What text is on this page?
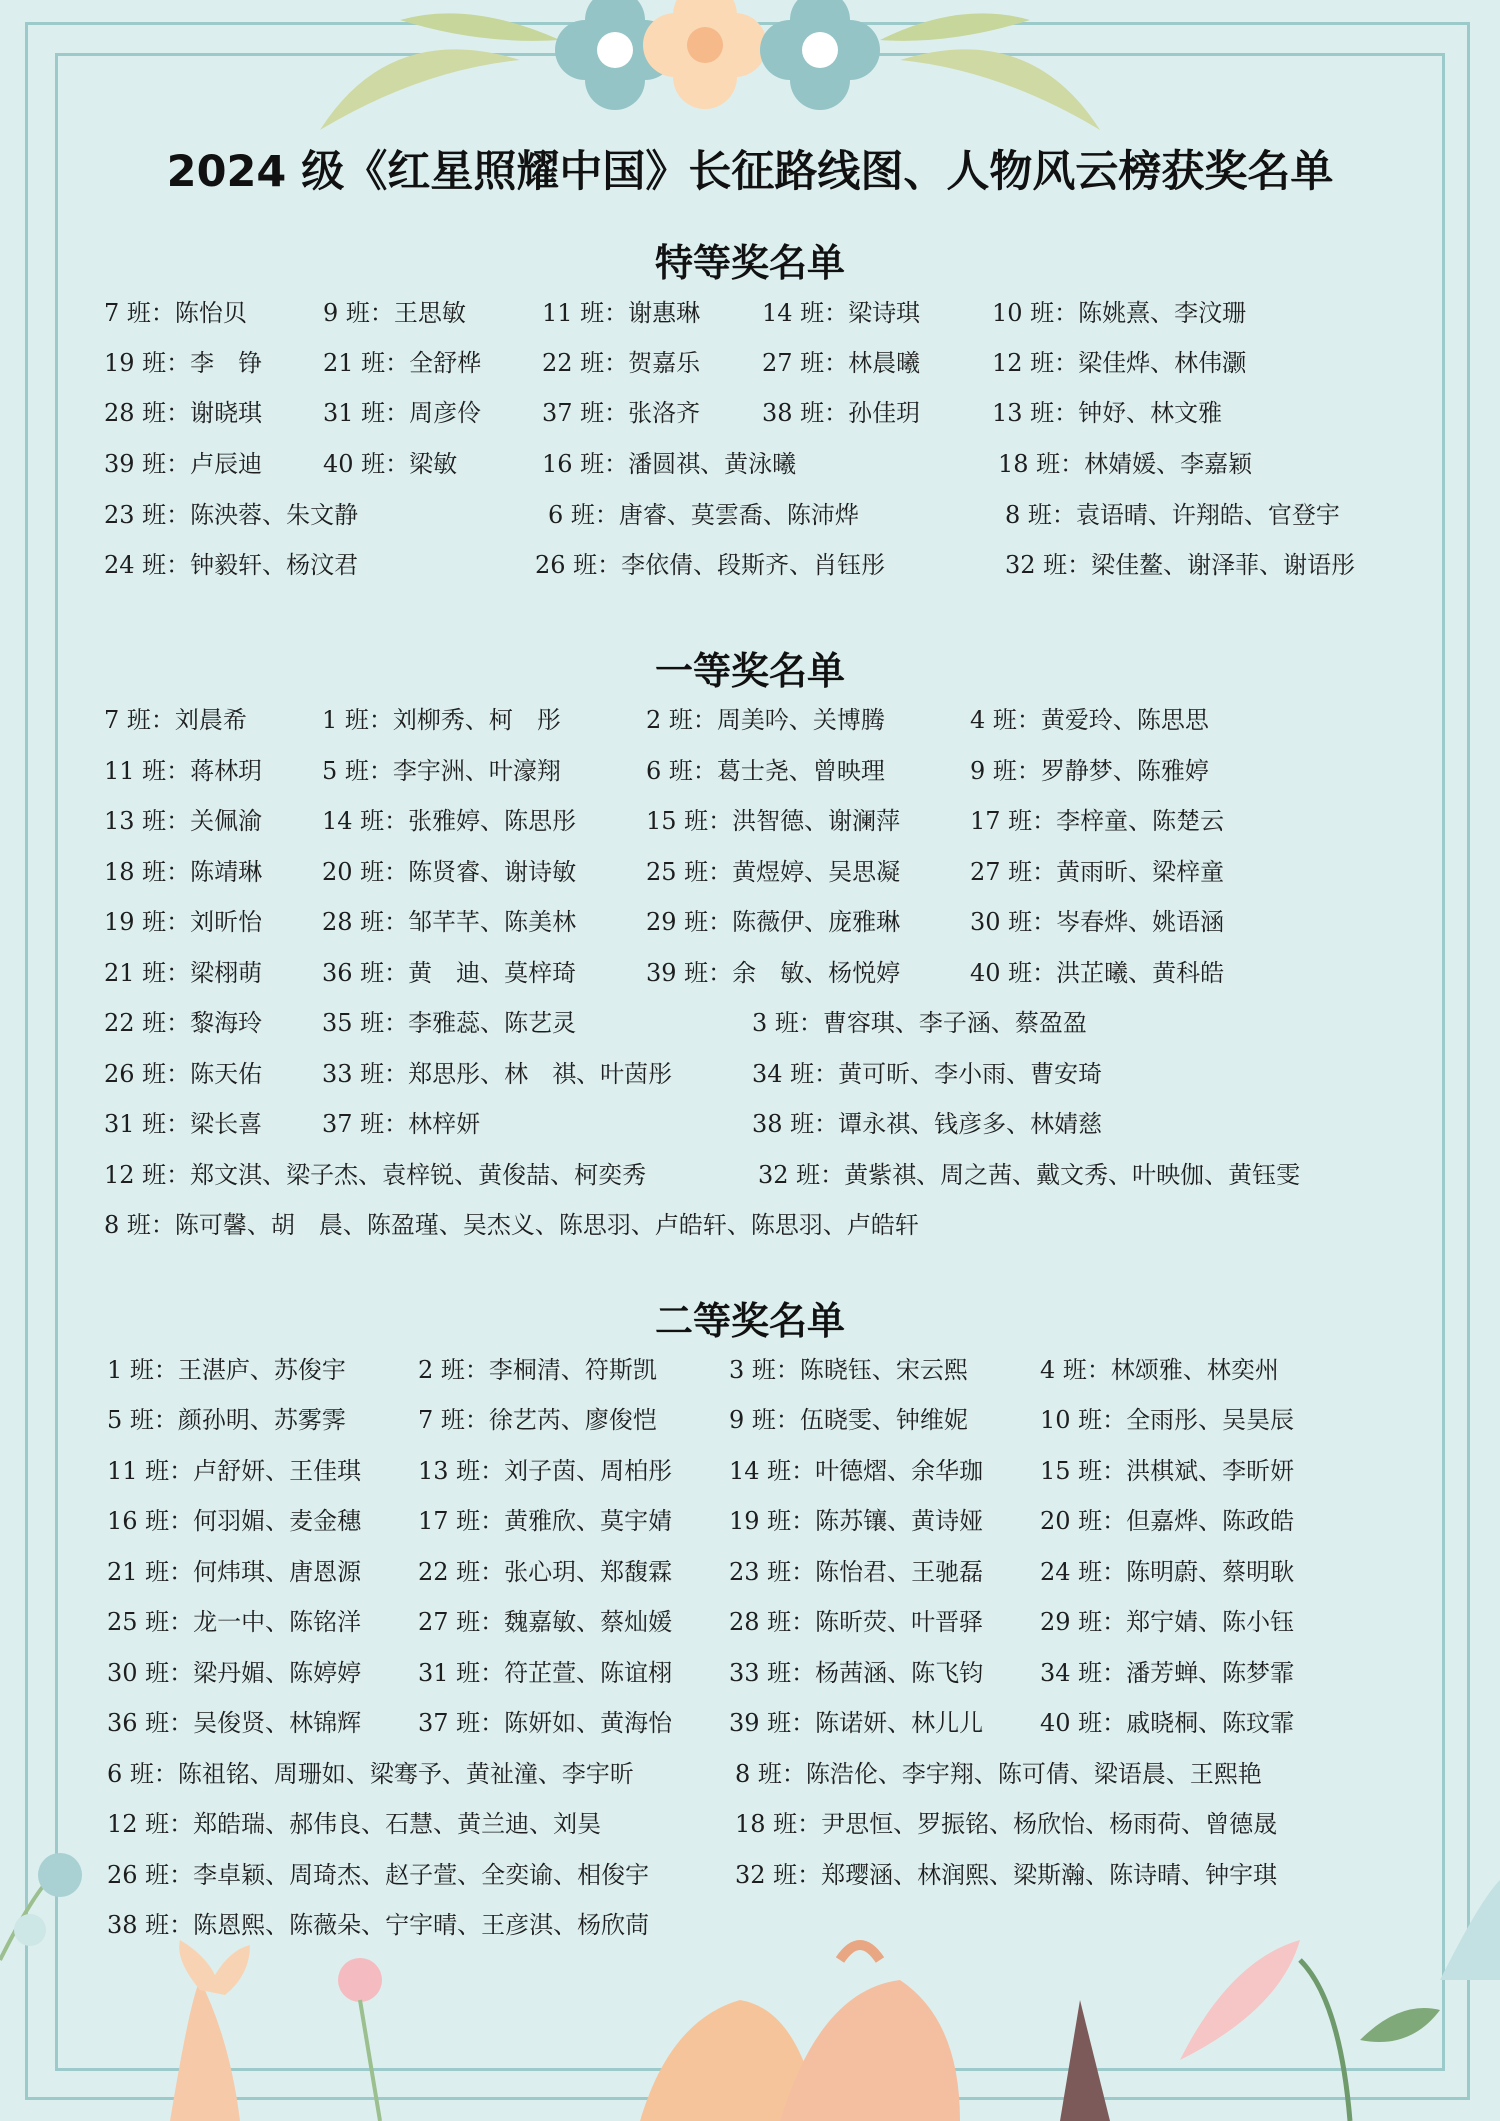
2024 级《红星照耀中国》长征路线图、人物风云榜获奖名单
特等奖名单
7 班：陈怡贝	9 班：王思敏	11 班：谢惠琳	14 班：梁诗琪	10 班：陈姚熹、李汶珊
19 班：李　铮	21 班：全舒桦	22 班：贺嘉乐	27 班：林晨曦	12 班：梁佳烨、林伟灏
28 班：谢晓琪	31 班：周彦伶	37 班：张洛齐	38 班：孙佳玥	13 班：钟妤、林文雅
39 班：卢辰迪	40 班：梁敏	16 班：潘圆祺、黄泳曦	18 班：林婧媛、李嘉颖
23 班：陈泱蓉、朱文静	6 班：唐睿、莫雲喬、陈沛烨	8 班：袁语晴、许翔皓、官登宇
24 班：钟毅轩、杨汶君	26 班：李依倩、段斯齐、肖钰彤	32 班：梁佳鳌、谢泽菲、谢语彤
一等奖名单
7 班：刘晨希	1 班：刘柳秀、柯　彤	2 班：周美吟、关博腾	4 班：黄爱玲、陈思思
11 班：蒋林玥 5 班：李宇洲、叶濠翔	6 班：葛士尧、曾映理	9 班：罗静梦、陈雅婷
13 班：关佩渝 14 班：张雅婷、陈思彤	15 班：洪智德、谢澜萍	17 班：李梓童、陈楚云
18 班：陈靖琳 20 班：陈贤睿、谢诗敏	25 班：黄煜婷、吴思凝	27 班：黄雨昕、梁梓童
19 班：刘昕怡 28 班：邹芊芊、陈美林	29 班：陈薇伊、庞雅琳	30 班：岑春烨、姚语涵
21 班：梁栩萌 36 班：黄　迪、莫梓琦	39 班：余　敏、杨悦婷	40 班：洪芷曦、黄科皓
22 班：黎海玲 35 班：李雅蕊、陈艺灵	3 班：曹容琪、李子涵、蔡盈盈
26 班：陈天佑 33 班：郑思彤、林　祺、叶茵彤	34 班：黄可昕、李小雨、曹安琦
31 班：梁长喜 37 班：林梓妍	38 班：谭永祺、钱彦多、林婧慈
12 班：郑文淇、梁子杰、袁梓锐、黄俊喆、柯奕秀	32 班：黄紫祺、周之茜、戴文秀、叶映伽、黄钰雯
8 班：陈可馨、胡　晨、陈盈瑾、吴杰义、陈思羽、卢皓轩、陈思羽、卢皓轩
二等奖名单
1 班：王湛庐、苏俊宇	2 班：李桐清、符斯凯	3 班：陈晓钰、宋云熙	4 班：林颂雅、林奕州
5 班：颜孙明、苏雾霁	7 班：徐艺芮、廖俊恺	9 班：伍晓雯、钟维妮	10 班：全雨彤、吴昊辰
11 班：卢舒妍、王佳琪 13 班：刘子茵、周柏彤 14 班：叶德熠、余华珈 15 班：洪棋斌、李昕妍
16 班：何羽媚、麦金穗 17 班：黄雅欣、莫宇婧 19 班：陈苏镶、黄诗娅 20 班：但嘉烨、陈政皓
21 班：何炜琪、唐恩源 22 班：张心玥、郑馥霖 23 班：陈怡君、王驰磊 24 班：陈明蔚、蔡明耿
25 班：龙一中、陈铭洋 27 班：魏嘉敏、蔡灿媛 28 班：陈昕荧、叶晋驿 29 班：郑宁婧、陈小钰
30 班：梁丹媚、陈婷婷 31 班：符芷萱、陈谊栩 33 班：杨茜涵、陈飞钧 34 班：潘芳蝉、陈梦霏
36 班：吴俊贤、林锦辉 37 班：陈妍如、黄海怡 39 班：陈诺妍、林儿儿 40 班：戚晓桐、陈玟霏
6 班：陈祖铭、周珊如、梁骞予、黄祉潼、李宇昕	8 班：陈浩伦、李宇翔、陈可倩、梁语晨、王熙艳
12 班：郑皓瑞、郝伟良、石慧、黄兰迪、刘昊	18 班：尹思恒、罗振铭、杨欣怡、杨雨荷、曾德晟
26 班：李卓颖、周琦杰、赵子萱、全奕谕、相俊宇	32 班：郑璎涵、林润熙、梁斯瀚、陈诗晴、钟宇琪
38 班：陈恩熙、陈薇朵、宁宇晴、王彦淇、杨欣茼
